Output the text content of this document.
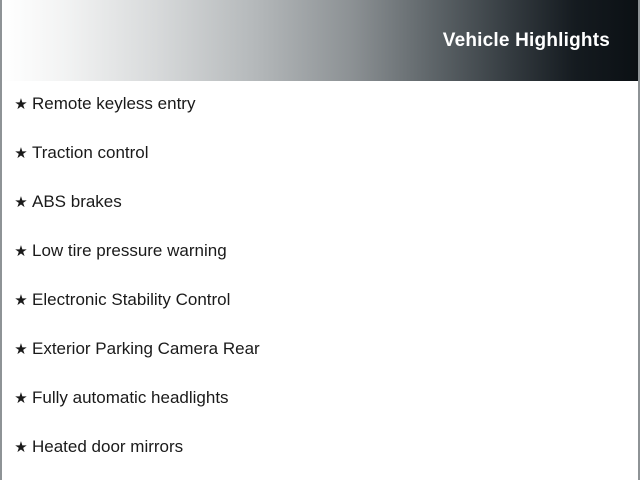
Vehicle Highlights
★ Remote keyless entry
★ Traction control
★ ABS brakes
★ Low tire pressure warning
★ Electronic Stability Control
★ Exterior Parking Camera Rear
★ Fully automatic headlights
★ Heated door mirrors
